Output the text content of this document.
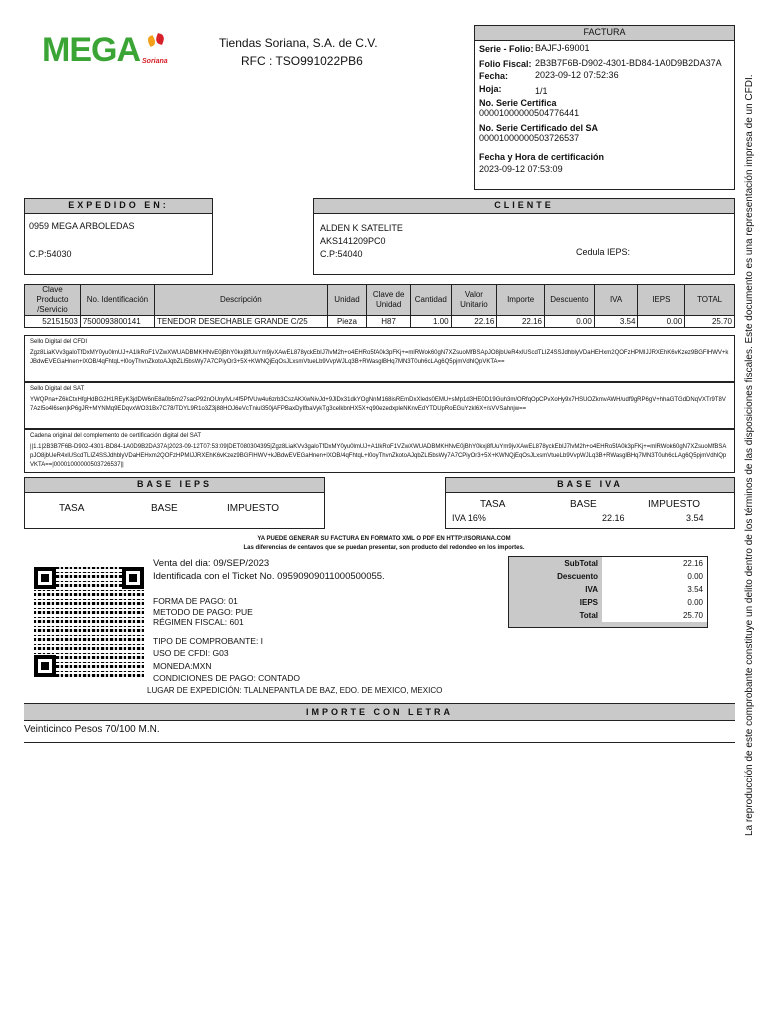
MEGA Soriana
Tiendas Soriana, S.A. de C.V.
RFC : TSO991022PB6
FACTURA
Serie - Folio: BAJFJ-69001
Folio Fiscal: 2B3B7F6B-D902-4301-BD84-1A0D9B2DA37A
Fecha:	2023-09-12 07:52:36
Hoja:	1/1
No. Serie Certifica
00001000000504776441
No. Serie Certificado del SA
00001000000503726537
Fecha y Hora de certificación
2023-09-12 07:53:09
EXPEDIDO EN:
0959 MEGA ARBOLEDAS
C.P:54030
CLIENTE
ALDEN K SATELITE
AKS141209PC0
C.P:54040	Cedula IEPS:
Clave Producto /Servicio	No. Identificación	Descripción	Unidad	Clave de Unidad	Cantidad	Valor Unitario	Importe	Descuento	IVA	IEPS	TOTAL
52151503	7500093800141	TENEDOR DESECHABLE GRANDE C/25	Pieza	H87	1.00	22.16	22.16	0.00	3.54	0.00	25.70
Sello Digital del CFDI
Zgz8LiaKVv3galoTfDxMY0yu0lmUJ+A1lkRoF1VZwXWUADBMKHNvE0jBhY0kxj8fUuYm9jvXAwEL878yckEbIJ7lvM2h+o4EHRo5fA0k3pFKj+=mlRWok60gN7XZsuoMfBSApJO8jbUeR4xlUScdTLIZ4SSJdhblyVDaHEHxm2QOFzHPMIJJRXEhK6vKzez9BGFlHWV+kJBdwEVEGaHnen+lXOB/4qFhtqL+l0oyThvnZkotoAJqbZLl5bsWy7A7CPiyOr3+5X+KWNQjEqOsJLxsmVtueLb9VvpWJLq3B+RWasglBHq7MN3T0uh6cLAg6Q5pjmVdhlQpVKTA==
Sello Digital del SAT
YWQPna+Z6kCtxHfgHdBG2H1REyK3jdDW6nE8a0b5m27sacP92nOUnyfvLr4f5PfVUw4u6zrb3CszAKXwNivJd+9JlDx31dkYOgNnM168isREmDxXleds0EMU+sMp1d3HE0D19Guh3m/ORfqOpCPvXoHy9x7HSUOZkmvAWH/udf9gRP6gV+hhaGTGdDNqVXTr9T8V7AzI5o4l6sen|kP6gJR+MYNMq9EDqvxWO31Bx7C78/TDYL9R1o3Z3j88HOJ6eVcTniul350jAFPBaxDyIfbaVykTg3celkbnHX5X+q90ezedxpleNKnvEdYTDUpRoEGuYzkl6X+/sVVSahnjw==
Cadena original del complemento de certificación digital del SAT
||1.1|2B3B7F6B-D902-4301-BD84-1A0D9B2DA37A|2023-09-12T07:53:09|DET080304395|Zgz8LiaKVv3galoTfDxMY0yu0lmUJ+A1lkRoF1VZwXWUADBMKHNvE0jBhY0kxj8fUuYm9jvXAwEL878yckEbIJ7lvM2h+o4EHRo5fA0k3pFKj+=mlRWok60gN7XZsuoMfBSApJO8jbUeR4xlUScdTLIZ4SSJdhblyVDaHEHxm2QOFzHPMIJJRXEhK6vKzez9BGFlHWV+kJBdwEVEGaHnen+lXOB/4qFhtqL+l0oyThvnZkotoAJqbZLl5bsWy7A7CPiyOr3+5X+KWNQjEqOsJLxsmVtueLb9VvpWJLq3B+RWasglBHq7MN3T0uh6cLAg6Q5pjmVdhlQpVKTA==|00001000000503726537||
BASE IEPS
TASA	BASE	IMPUESTO
BASE IVA
TASA	BASE	IMPUESTO
IVA 16%	22.16	3.54
YA PUEDE GENERAR SU FACTURA EN FORMATO XML O PDF EN HTTP://SORIANA.COM
Las diferencias de centavos que se puedan presentar, son producto del redondeo en los importes.
Venta del dia: 09/SEP/2023
Identificada con el Ticket No. 09590909011000500055.
FORMA DE PAGO: 01
METODO DE PAGO: PUE
RÉGIMEN FISCAL: 601
TIPO DE COMPROBANTE: I
USO DE CFDI: G03
MONEDA:MXN
CONDICIONES DE PAGO: CONTADO
LUGAR DE EXPEDICIÓN: TLALNEPANTLA DE BAZ, EDO. DE MEXICO, MEXICO
SubTotal	22.16
Descuento	0.00
IVA	3.54
IEPS	0.00
Total	25.70
IMPORTE CON LETRA
Veinticinco Pesos 70/100 M.N.	La reproducción de este comprobante constituye un delito dentro de los términos de las disposiciones fiscales. Este documento es una representación impresa de un CFDI.
